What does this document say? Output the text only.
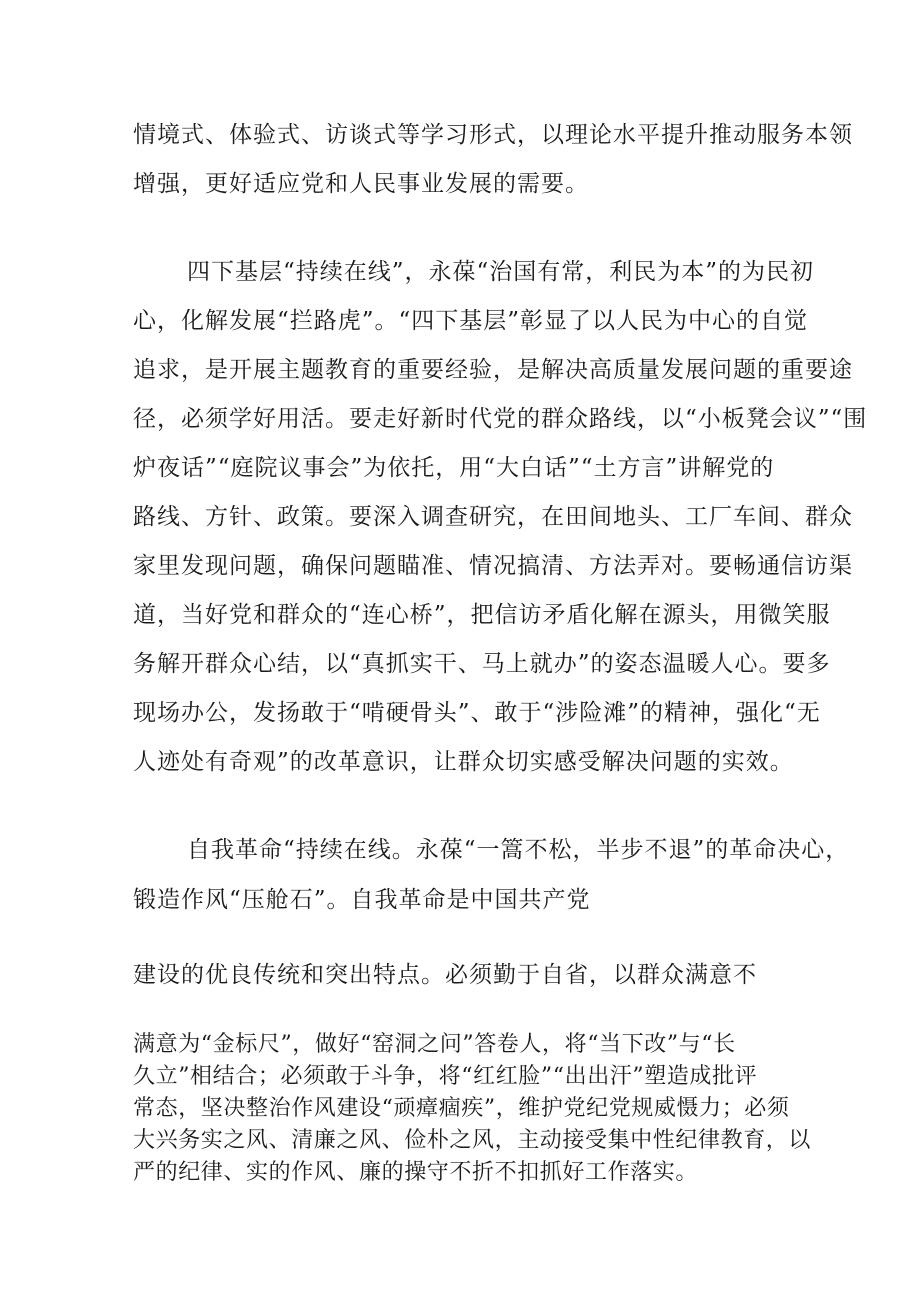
情境式、体验式、访谈式等学习形式，以理论水平提升推动服务本领
增强，更好适应党和人民事业发展的需要。
四下基层“持续在线”，永葆“治国有常，利民为本”的为民初
心，化解发展“拦路虎”。“四下基层”彰显了以人民为中心的自觉
追求，是开展主题教育的重要经验，是解决高质量发展问题的重要途
径，必须学好用活。要走好新时代党的群众路线，以“小板凳会议”“围
炉夜话”“庭院议事会”为依托，用“大白话”“土方言”讲解党的
路线、方针、政策。要深入调查研究，在田间地头、工厂车间、群众
家里发现问题，确保问题瞄准、情况搞清、方法弄对。要畅通信访渠
道，当好党和群众的“连心桥”，把信访矛盾化解在源头，用微笑服
务解开群众心结，以“真抓实干、马上就办”的姿态温暖人心。要多
现场办公，发扬敢于“啃硬骨头”、敢于“涉险滩”的精神，强化“无
人迹处有奇观”的改革意识，让群众切实感受解决问题的实效。
自我革命“持续在线。永葆“一篙不松，半步不退”的革命决心，
锻造作风“压舱石”。自我革命是中国共产党
建设的优良传统和突出特点。必须勤于自省，以群众满意不
满意为“金标尺”，做好“窑洞之问”答卷人，将“当下改”与“长
久立”相结合；必须敢于斗争，将“红红脸”“出出汗”塑造成批评
常态，坚决整治作风建设“顽瘴痼疾”，维护党纪党规威慑力；必须
大兴务实之风、清廉之风、俭朴之风，主动接受集中性纪律教育，以
严的纪律、实的作风、廉的操守不折不扣抓好工作落实。
